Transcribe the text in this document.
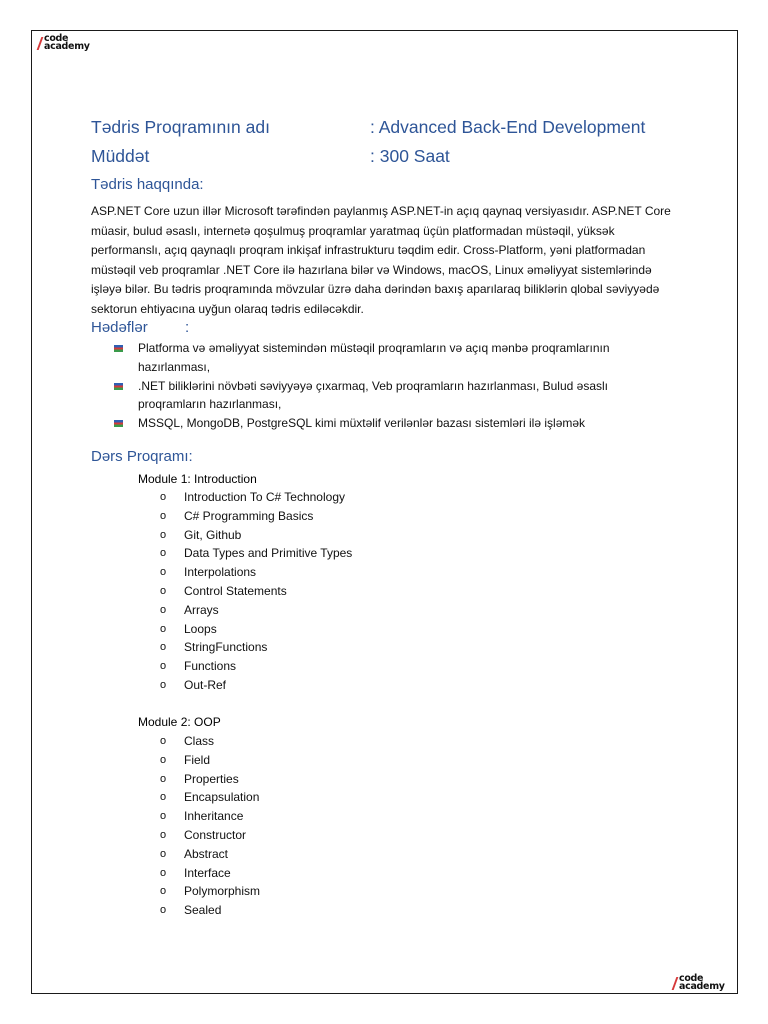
code
academy
Tədris Proqramının adı	: Advanced Back-End Development
Müddət	: 300 Saat
Tədris haqqında:
ASP.NET Core uzun illər Microsoft tərəfindən paylanmış ASP.NET-in açıq qaynaq versiyasıdır. ASP.NET Core müasir, bulud əsaslı, internetə qoşulmuş proqramlar yaratmaq üçün platformadan müstəqil, yüksək performanslı, açıq qaynaqlı proqram inkişaf infrastrukturu təqdim edir. Cross-Platform, yəni platformadan müstəqil veb proqramlar .NET Core ilə hazırlana bilər və Windows, macOS, Linux əməliyyat sistemlərində işləyə bilər. Bu tədris proqramında mövzular üzrə daha dərindən baxış aparılaraq biliklərin qlobal səviyyədə sektorun ehtiyacına uyğun olaraq tədris ediləcəkdir.
Hədəflər :
Platforma və əməliyyat sistemindən müstəqil proqramların və açıq mənbə proqramlarının hazırlanması,
.NET biliklərini növbəti səviyyəyə çıxarmaq, Veb proqramların hazırlanması, Bulud əsaslı proqramların hazırlanması,
MSSQL, MongoDB, PostgreSQL kimi müxtəlif verilənlər bazası sistemləri ilə işləmək
Dərs Proqramı:
Module 1: Introduction
o Introduction To C# Technology
o C# Programming Basics
o Git, Github
o Data Types and Primitive Types
o Interpolations
o Control Statements
o Arrays
o Loops
o StringFunctions
o Functions
o Out-Ref
Module 2: OOP
o Class
o Field
o Properties
o Encapsulation
o Inheritance
o Constructor
o Abstract
o Interface
o Polymorphism
o Sealed
code
academy
